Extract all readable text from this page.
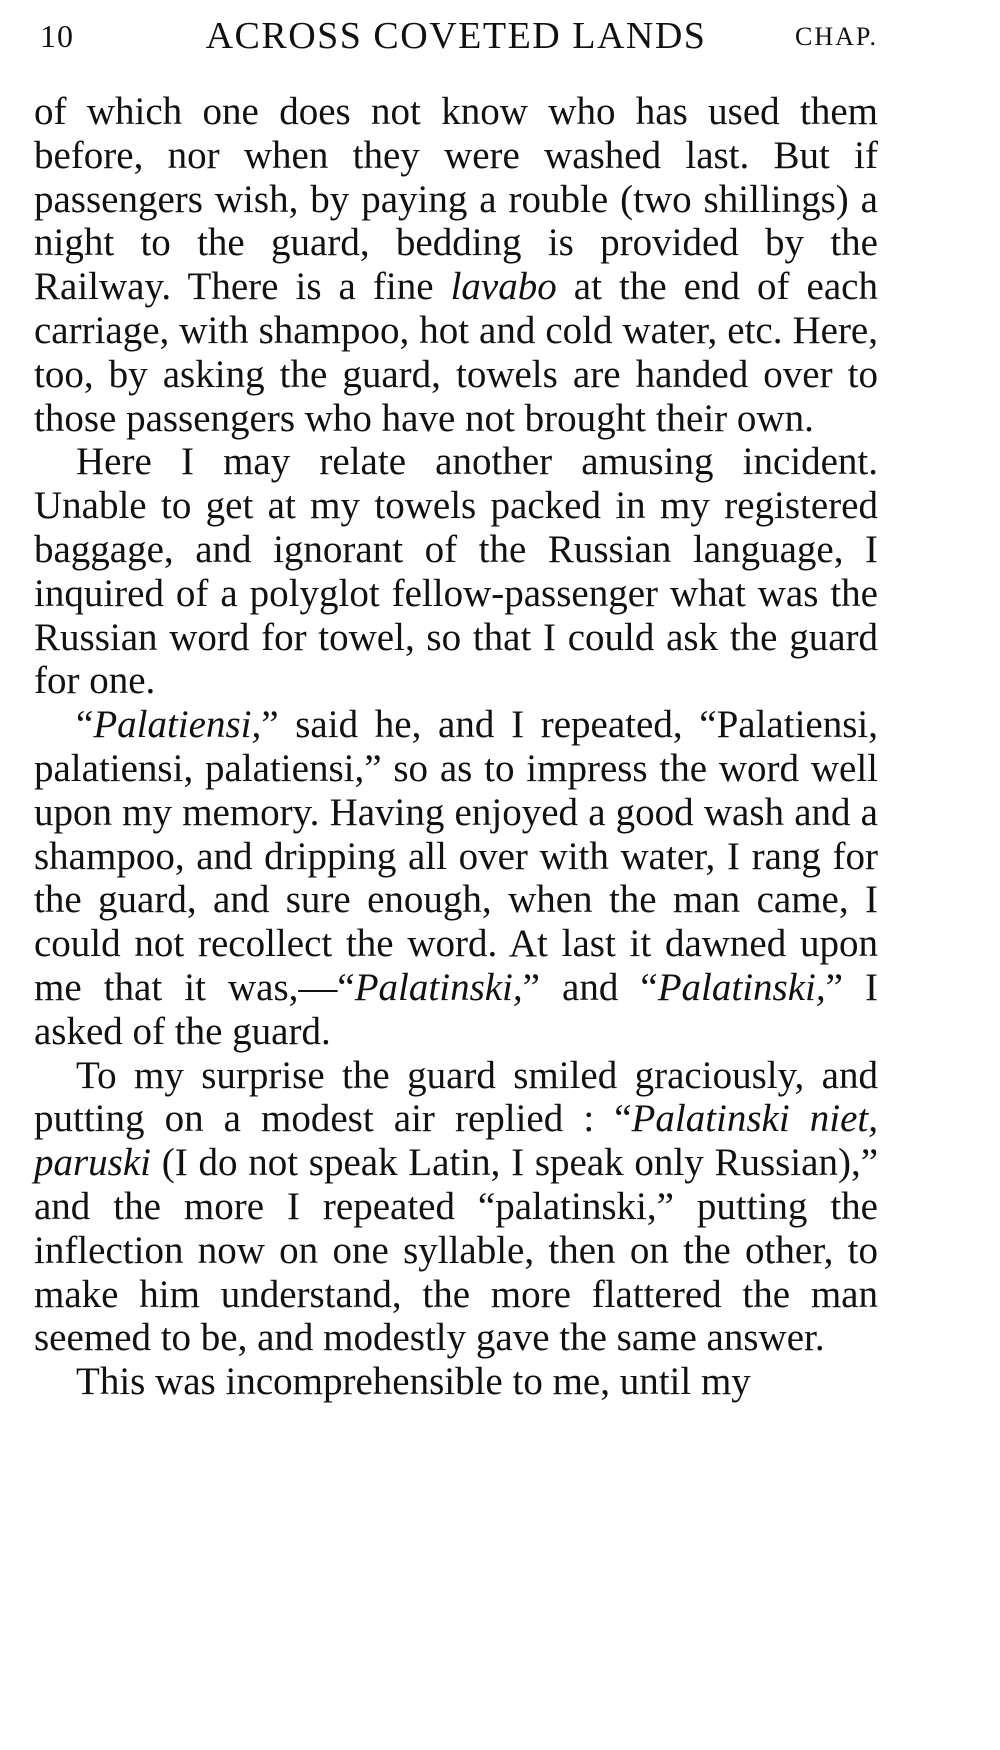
10	ACROSS COVETED LANDS	CHAP.

of which one does not know who has used them before, nor when they were washed last. But if passengers wish, by paying a rouble (two shillings) a night to the guard, bedding is provided by the Railway. There is a fine lavabo at the end of each carriage, with shampoo, hot and cold water, etc. Here, too, by asking the guard, towels are handed over to those passengers who have not brought their own.

Here I may relate another amusing incident. Unable to get at my towels packed in my registered baggage, and ignorant of the Russian language, I inquired of a polyglot fellow-passenger what was the Russian word for towel, so that I could ask the guard for one.

“Palatiensi,” said he, and I repeated, “Palatiensi, palatiensi, palatiensi,” so as to impress the word well upon my memory. Having enjoyed a good wash and a shampoo, and dripping all over with water, I rang for the guard, and sure enough, when the man came, I could not recollect the word. At last it dawned upon me that it was,—“Palatinski,” and “Palatinski,” I asked of the guard.

To my surprise the guard smiled graciously, and putting on a modest air replied : “Palatinski niet, paruski (I do not speak Latin, I speak only Russian),” and the more I repeated “palatinski,” putting the inflection now on one syllable, then on the other, to make him understand, the more flattered the man seemed to be, and modestly gave the same answer.

This was incomprehensible to me, until my
